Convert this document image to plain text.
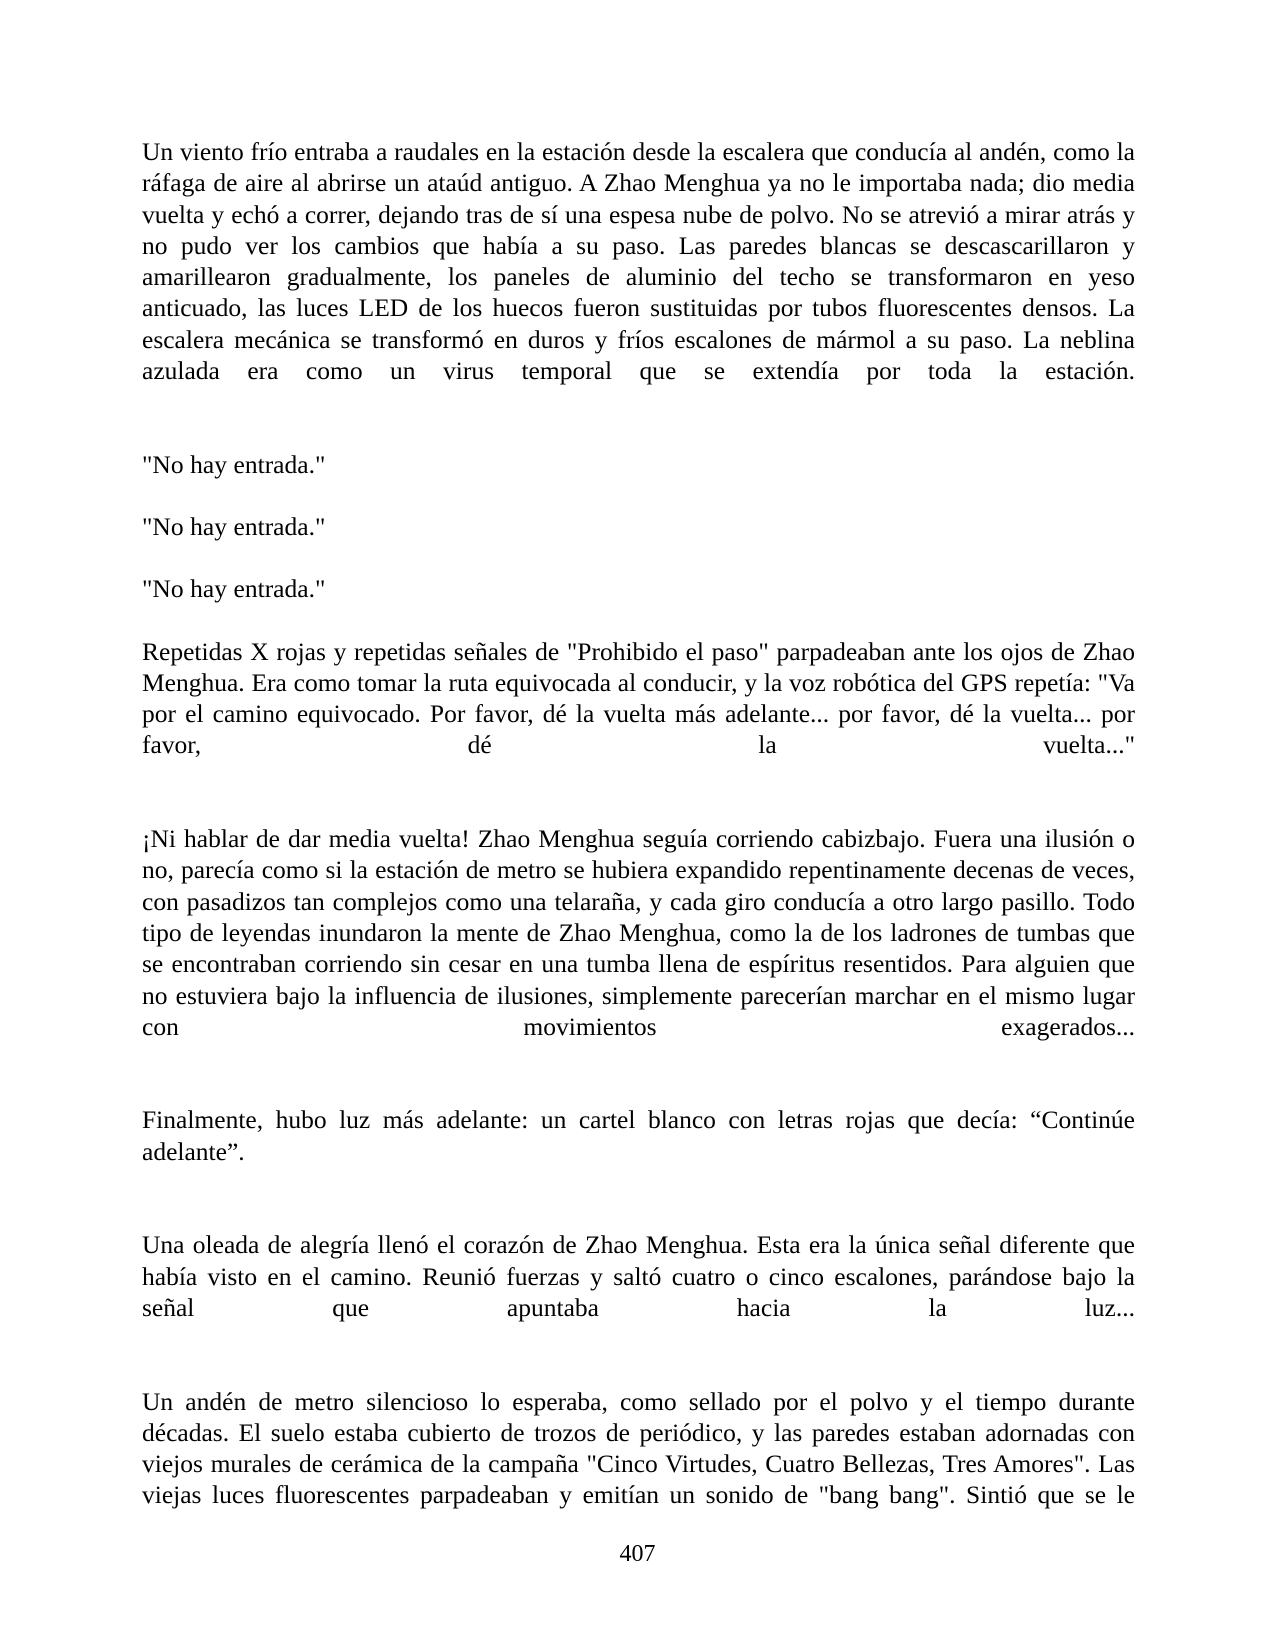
Un viento frío entraba a raudales en la estación desde la escalera que conducía al andén, como la ráfaga de aire al abrirse un ataúd antiguo. A Zhao Menghua ya no le importaba nada; dio media vuelta y echó a correr, dejando tras de sí una espesa nube de polvo. No se atrevió a mirar atrás y no pudo ver los cambios que había a su paso. Las paredes blancas se descascarillaron y amarillearon gradualmente, los paneles de aluminio del techo se transformaron en yeso anticuado, las luces LED de los huecos fueron sustituidas por tubos fluorescentes densos. La escalera mecánica se transformó en duros y fríos escalones de mármol a su paso. La neblina azulada era como un virus temporal que se extendía por toda la estación.

"No hay entrada."

"No hay entrada."

"No hay entrada."

Repetidas X rojas y repetidas señales de "Prohibido el paso" parpadeaban ante los ojos de Zhao Menghua. Era como tomar la ruta equivocada al conducir, y la voz robótica del GPS repetía: "Va por el camino equivocado. Por favor, dé la vuelta más adelante... por favor, dé la vuelta... por favor, dé la vuelta..."

¡Ni hablar de dar media vuelta! Zhao Menghua seguía corriendo cabizbajo. Fuera una ilusión o no, parecía como si la estación de metro se hubiera expandido repentinamente decenas de veces, con pasadizos tan complejos como una telaraña, y cada giro conducía a otro largo pasillo. Todo tipo de leyendas inundaron la mente de Zhao Menghua, como la de los ladrones de tumbas que se encontraban corriendo sin cesar en una tumba llena de espíritus resentidos. Para alguien que no estuviera bajo la influencia de ilusiones, simplemente parecerían marchar en el mismo lugar con movimientos exagerados...

Finalmente, hubo luz más adelante: un cartel blanco con letras rojas que decía: “Continúe adelante”.

Una oleada de alegría llenó el corazón de Zhao Menghua. Esta era la única señal diferente que había visto en el camino. Reunió fuerzas y saltó cuatro o cinco escalones, parándose bajo la señal que apuntaba hacia la luz...

Un andén de metro silencioso lo esperaba, como sellado por el polvo y el tiempo durante décadas. El suelo estaba cubierto de trozos de periódico, y las paredes estaban adornadas con viejos murales de cerámica de la campaña "Cinco Virtudes, Cuatro Bellezas, Tres Amores". Las viejas luces fluorescentes parpadeaban y emitían un sonido de "bang bang". Sintió que se le

407
